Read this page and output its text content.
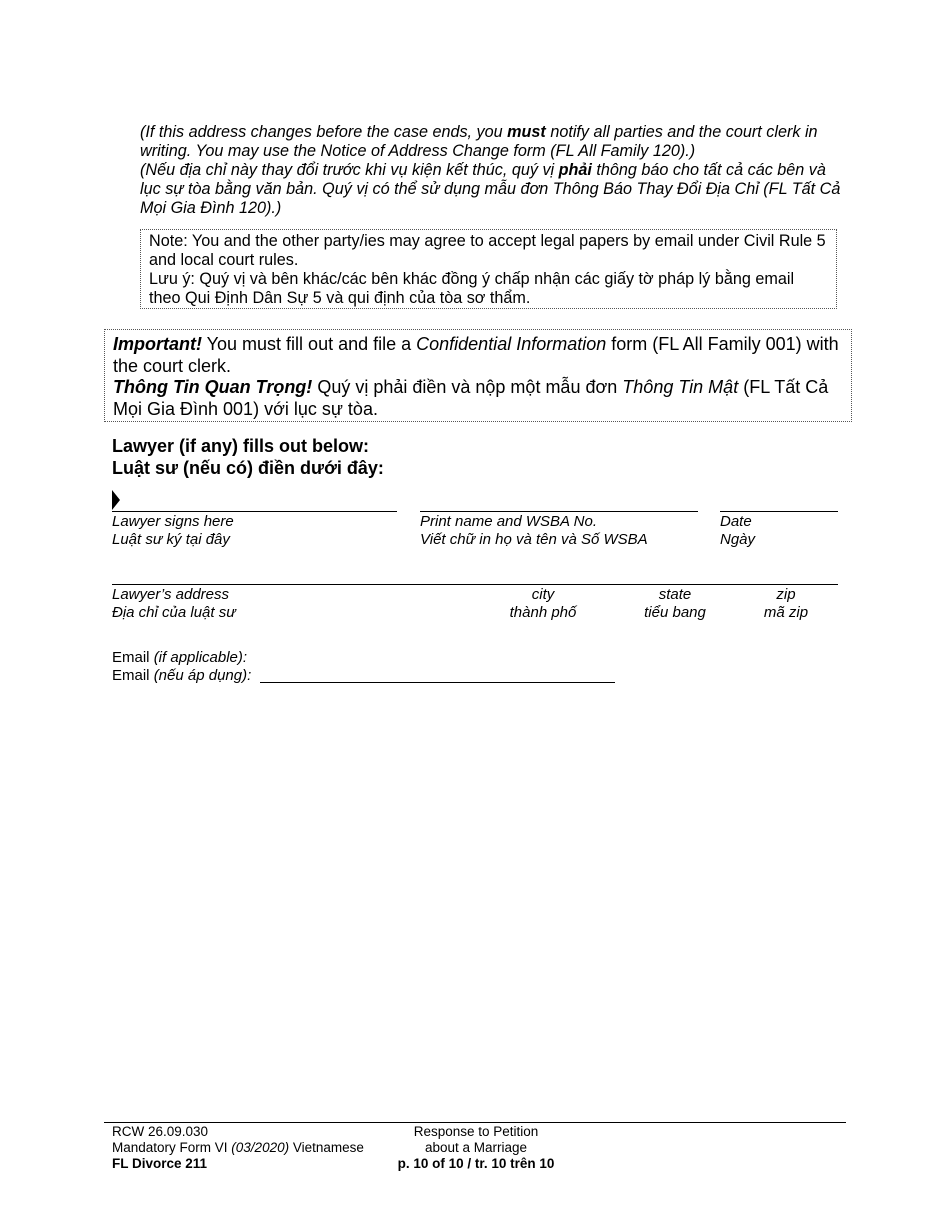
(If this address changes before the case ends, you must notify all parties and the court clerk in writing. You may use the Notice of Address Change form (FL All Family 120).)
(Nếu địa chỉ này thay đổi trước khi vụ kiện kết thúc, quý vị phải thông báo cho tất cả các bên và lục sự tòa bằng văn bản. Quý vị có thể sử dụng mẫu đơn Thông Báo Thay Đổi Địa Chỉ (FL Tất Cả Mọi Gia Đình 120).)
Note: You and the other party/ies may agree to accept legal papers by email under Civil Rule 5 and local court rules.
Lưu ý: Quý vị và bên khác/các bên khác đồng ý chấp nhận các giấy tờ pháp lý bằng email theo Qui Định Dân Sự 5 và qui định của tòa sơ thẩm.
Important! You must fill out and file a Confidential Information form (FL All Family 001) with the court clerk.
Thông Tin Quan Trọng! Quý vị phải điền và nộp một mẫu đơn Thông Tin Mật (FL Tất Cả Mọi Gia Đình 001) với lục sự tòa.
Lawyer (if any) fills out below:
Luật sư (nếu có) điền dưới đây:
Lawyer signs here
Luật sư ký tại đây
Print name and WSBA No.
Viết chữ in họ và tên và Số WSBA
Date
Ngày
Lawyer’s address
Địa chỉ của luật sư
city
thành phố
state
tiểu bang
zip
mã zip
Email (if applicable):
Email (nếu áp dụng):
RCW 26.09.030
Mandatory Form VI (03/2020) Vietnamese
FL Divorce 211
Response to Petition
about a Marriage
p. 10 of 10 / tr. 10 trên 10
